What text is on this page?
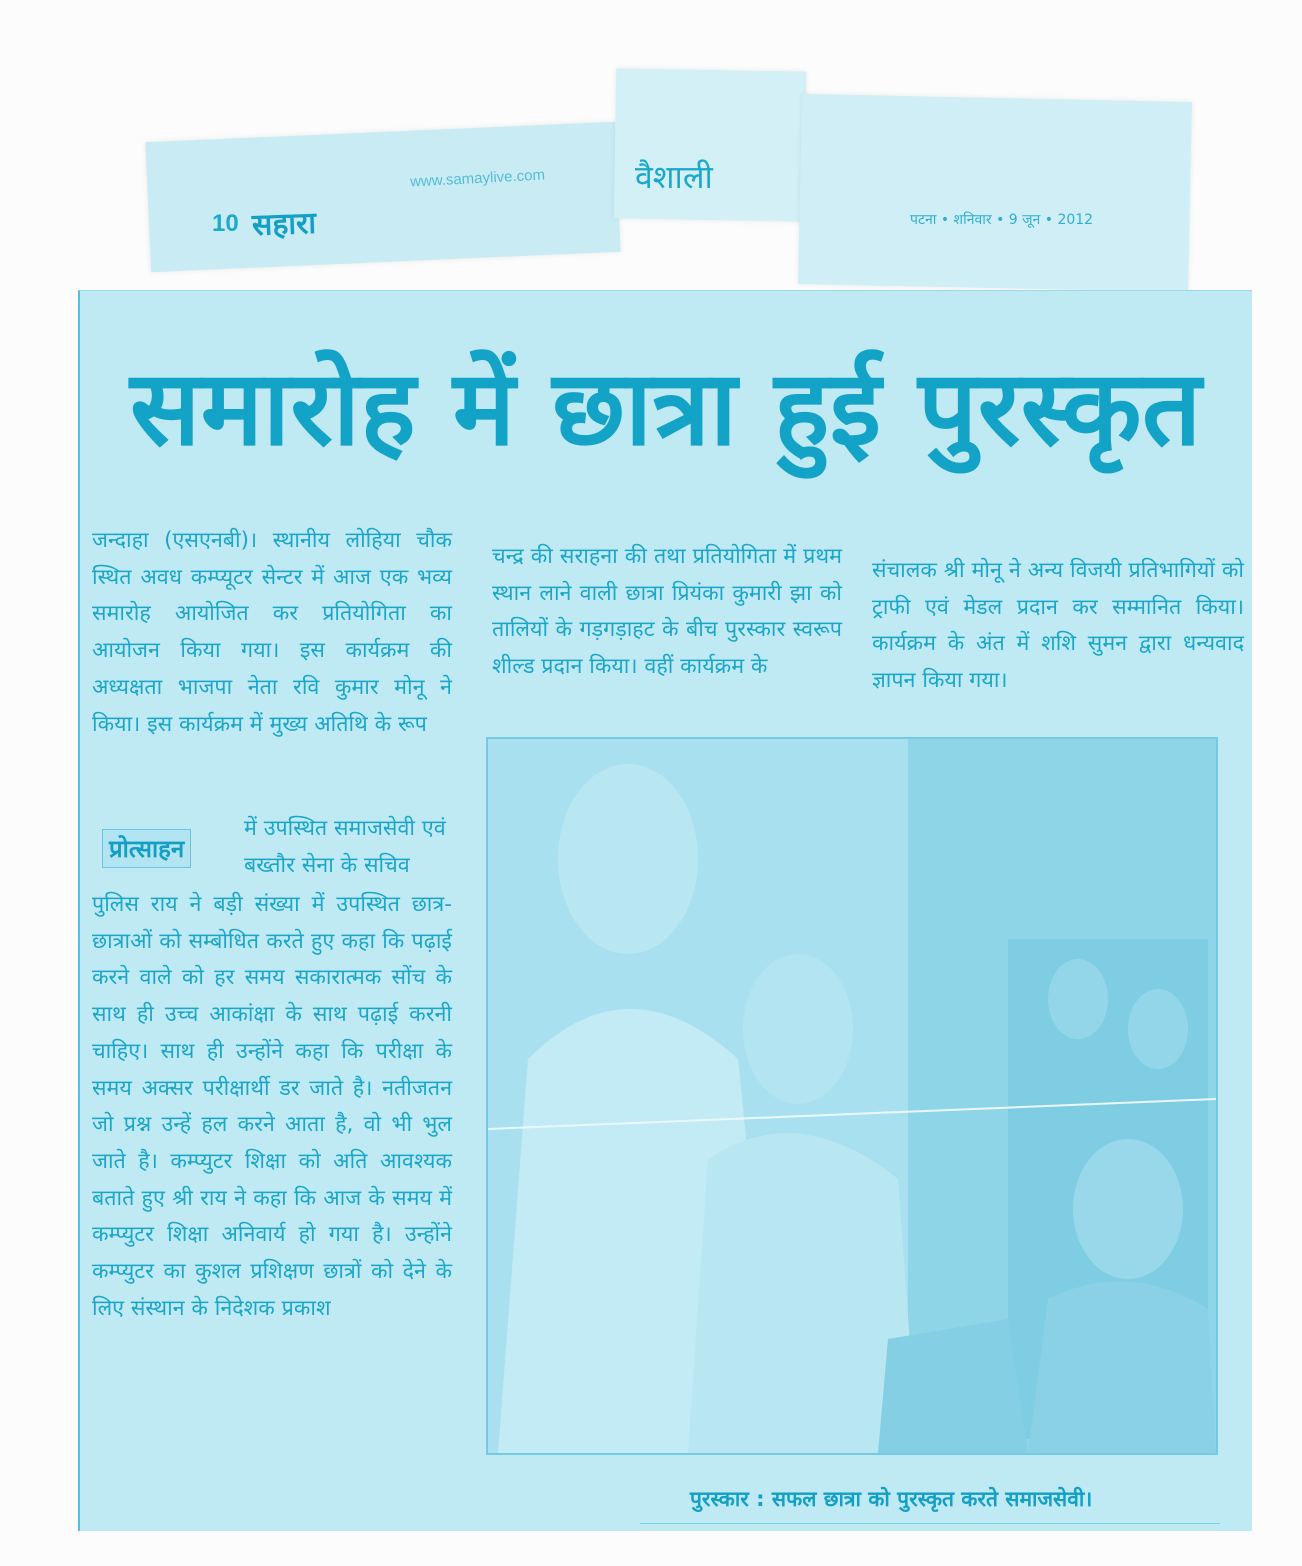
10 सहारा
www.samaylive.com	वैशाली
पटना • शनिवार • 9 जून • 2012
समारोह में छात्रा हुई पुरस्कृत
जन्दाहा (एसएनबी)। स्थानीय लोहिया चौक स्थित अवध कम्प्यूटर सेन्टर में आज एक भव्य समारोह आयोजित कर प्रतियोगिता का आयोजन किया गया। इस कार्यक्रम की अध्यक्षता भाजपा नेता रवि कुमार मोनू ने किया। इस कार्यक्रम में मुख्य अतिथि के रूप
प्रोत्साहन
में उपस्थित समाजसेवी एवं बख्तौर सेना के सचिव
पुलिस राय ने बड़ी संख्या में उपस्थित छात्र-छात्राओं को सम्बोधित करते हुए कहा कि पढ़ाई करने वाले को हर समय सकारात्मक सोंच के साथ ही उच्च आकांक्षा के साथ पढ़ाई करनी चाहिए। साथ ही उन्होंने कहा कि परीक्षा के समय अक्सर परीक्षार्थी डर जाते है। नतीजतन जो प्रश्न उन्हें हल करने आता है, वो भी भुल जाते है। कम्प्युटर शिक्षा को अति आवश्यक बताते हुए श्री राय ने कहा कि आज के समय में कम्प्युटर शिक्षा अनिवार्य हो गया है। उन्होंने कम्प्युटर का कुशल प्रशिक्षण छात्रों को देने के लिए संस्थान के निदेशक प्रकाश
चन्द्र की सराहना की तथा प्रतियोगिता में प्रथम स्थान लाने वाली छात्रा प्रियंका कुमारी झा को तालियों के गड़गड़ाहट के बीच पुरस्कार स्वरूप शील्ड प्रदान किया। वहीं कार्यक्रम के
संचालक श्री मोनू ने अन्य विजयी प्रतिभागियों को ट्राफी एवं मेडल प्रदान कर सम्मानित किया। कार्यक्रम के अंत में शशि सुमन द्वारा धन्यवाद ज्ञापन किया गया।
पुरस्कार : सफल छात्रा को पुरस्कृत करते समाजसेवी।
